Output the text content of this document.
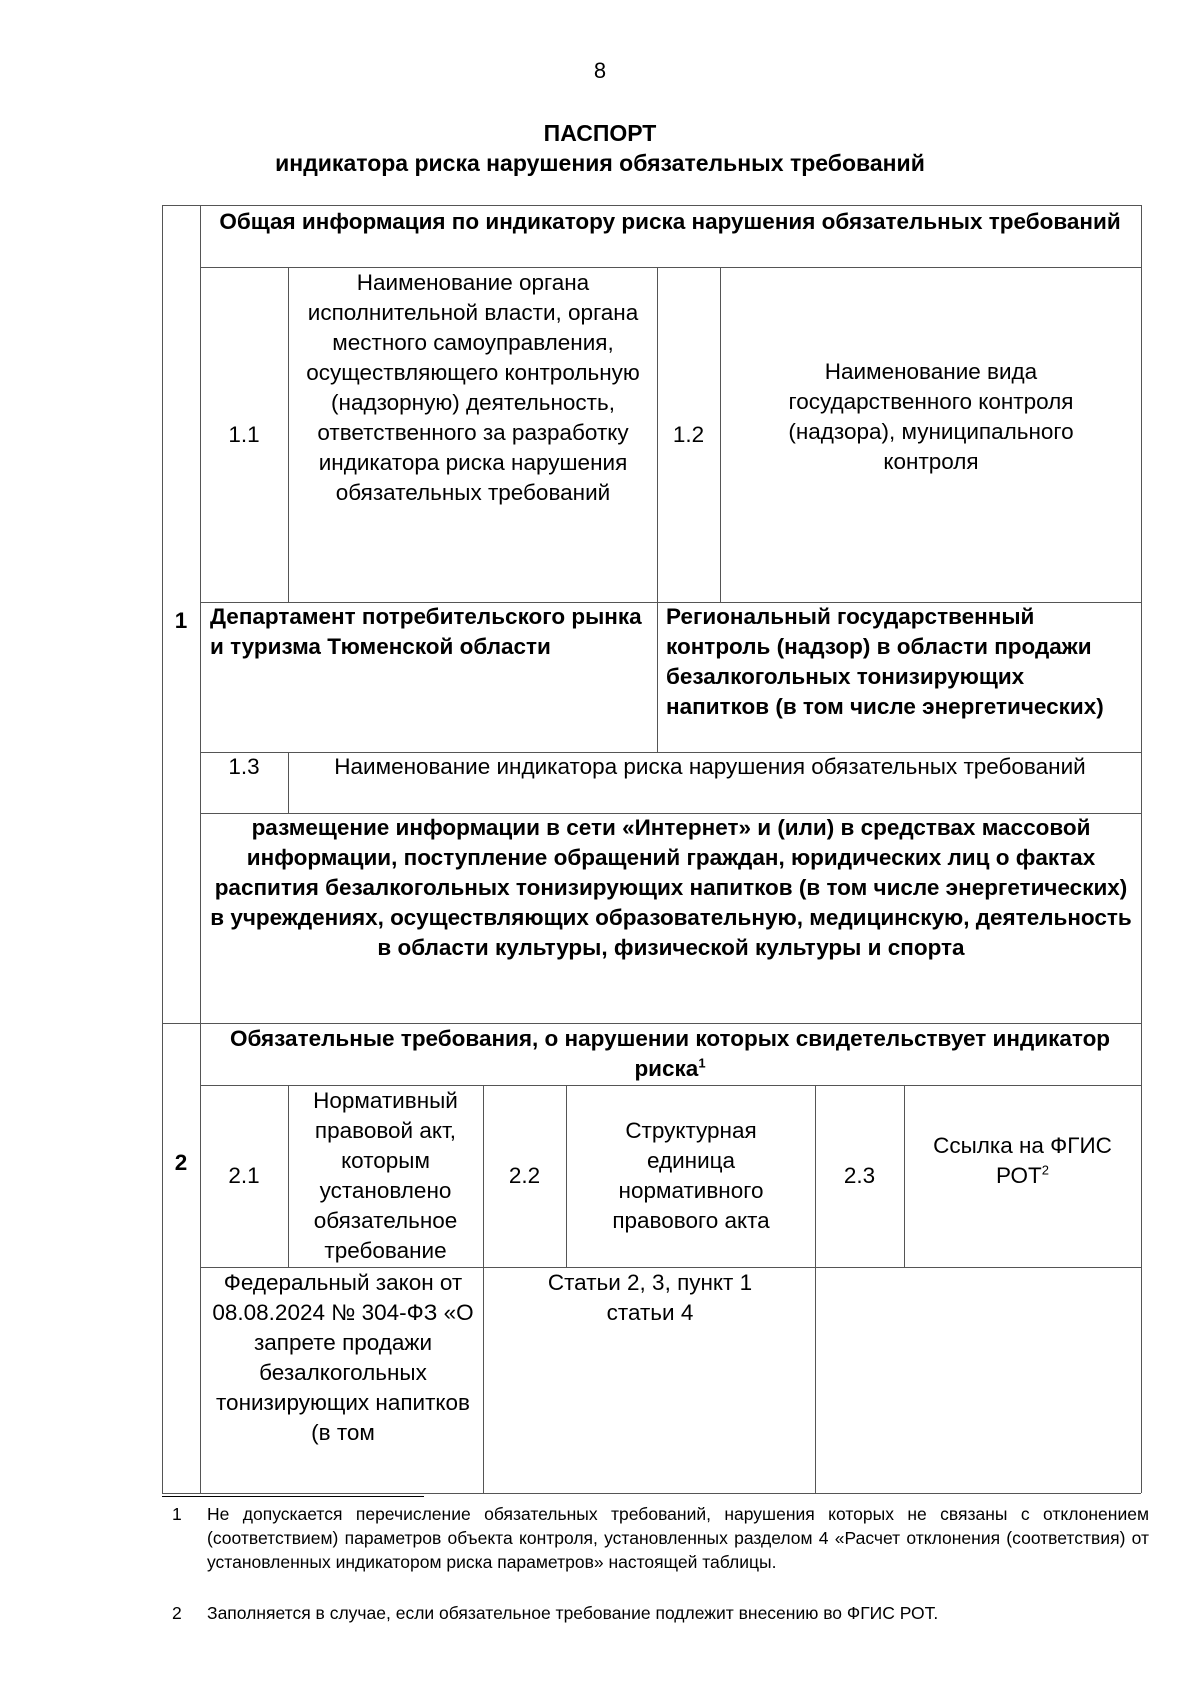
8
ПАСПОРТ
индикатора риска нарушения обязательных требований
1
Общая информация по индикатору риска нарушения обязательных требований
1.1
Наименование органа исполнительной власти, органа местного самоуправления, осуществляющего контрольную (надзорную) деятельность, ответственного за разработку индикатора риска нарушения обязательных требований
1.2
Наименование вида государственного контроля (надзора), муниципального контроля
Департамент потребительского рынка и туризма Тюменской области
Региональный государственный контроль (надзор) в области продажи безалкогольных тонизирующих напитков (в том числе энергетических)
1.3	Наименование индикатора риска нарушения обязательных требований
размещение информации в сети «Интернет» и (или) в средствах массовой информации, поступление обращений граждан, юридических лиц о фактах распития безалкогольных тонизирующих напитков (в том числе энергетических) в учреждениях, осуществляющих образовательную, медицинскую, деятельность в области культуры, физической культуры и спорта
2
Обязательные требования, о нарушении которых свидетельствует индикатор риска$^1$
2.1
Нормативный правовой акт, которым установлено обязательное требование
2.2
Структурная единица нормативного правового акта
2.3
Ссылка на ФГИС РОТ$^2$
Федеральный закон от 08.08.2024 № 304-ФЗ «О запрете продажи безалкогольных тонизирующих напитков (в том
Статьи 2, 3, пункт 1 статьи 4
1 Не допускается перечисление обязательных требований, нарушения которых не связаны с отклонением (соответствием) параметров объекта контроля, установленных разделом 4 «Расчет отклонения (соответствия) от установленных индикатором риска параметров» настоящей таблицы.
2 Заполняется в случае, если обязательное требование подлежит внесению во ФГИС РОТ.
